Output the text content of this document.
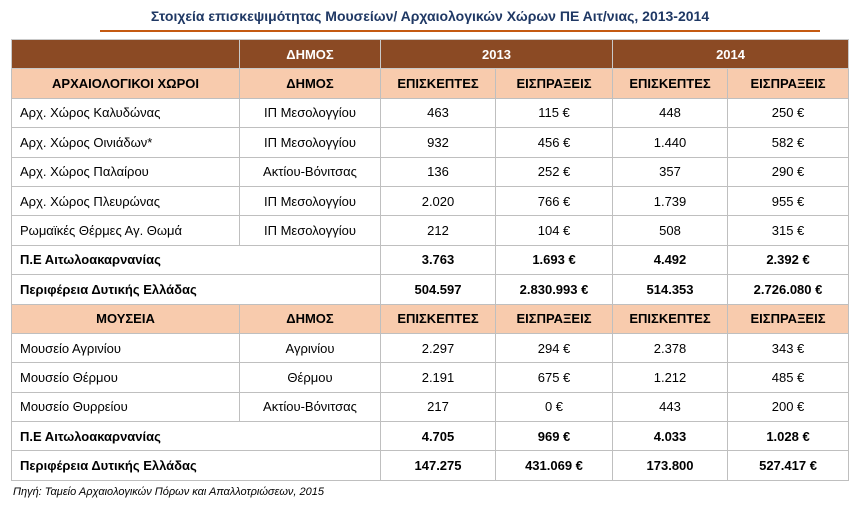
Στοιχεία επισκεψιμότητας Μουσείων/ Αρχαιολογικών Χώρων ΠΕ Αιτ/νιας, 2013-2014
	ΔΗΜΟΣ	2013		2014	
ΑΡΧΑΙΟΛΟΓΙΚΟΙ ΧΩΡΟΙ	ΔΗΜΟΣ	ΕΠΙΣΚΕΠΤΕΣ	ΕΙΣΠΡΑΞΕΙΣ	ΕΠΙΣΚΕΠΤΕΣ	ΕΙΣΠΡΑΞΕΙΣ
Αρχ. Χώρος Καλυδώνας	ΙΠ Μεσολογγίου	463	115 €	448	250 €
Αρχ. Χώρος Οινιάδων*	ΙΠ Μεσολογγίου	932	456 €	1.440	582 €
Αρχ. Χώρος Παλαίρου	Ακτίου-Βόνιτσας	136	252 €	357	290 €
Αρχ. Χώρος Πλευρώνας	ΙΠ Μεσολογγίου	2.020	766 €	1.739	955 €
Ρωμαϊκές Θέρμες Αγ. Θωμά	ΙΠ Μεσολογγίου	212	104 €	508	315 €
Π.Ε Αιτωλοακαρνανίας		3.763	1.693 €	4.492	2.392 €
Περιφέρεια Δυτικής Ελλάδας		504.597	2.830.993 €	514.353	2.726.080 €
ΜΟΥΣΕΙΑ	ΔΗΜΟΣ	ΕΠΙΣΚΕΠΤΕΣ	ΕΙΣΠΡΑΞΕΙΣ	ΕΠΙΣΚΕΠΤΕΣ	ΕΙΣΠΡΑΞΕΙΣ
Μουσείο Αγρινίου	Αγρινίου	2.297	294 €	2.378	343 €
Μουσείο Θέρμου	Θέρμου	2.191	675 €	1.212	485 €
Μουσείο Θυρρείου	Ακτίου-Βόνιτσας	217	0 €	443	200 €
Π.Ε Αιτωλοακαρνανίας		4.705	969 €	4.033	1.028 €
Περιφέρεια Δυτικής Ελλάδας		147.275	431.069 €	173.800	527.417 €
Πηγή: Ταμείο Αρχαιολογικών Πόρων και Απαλλοτριώσεων, 2015
